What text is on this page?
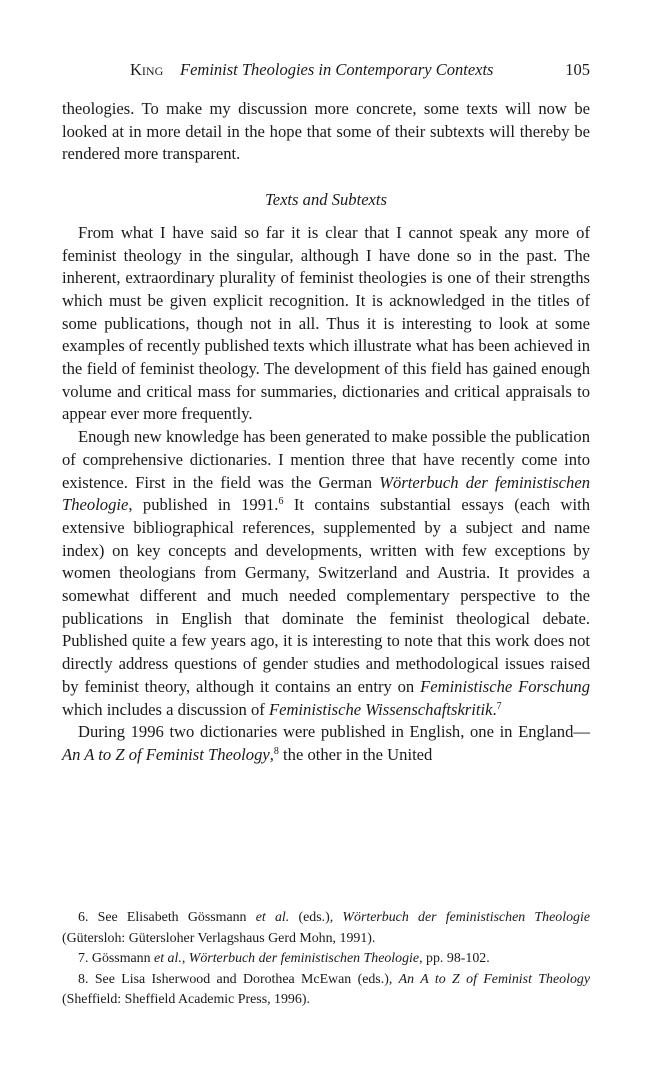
King Feminist Theologies in Contemporary Contexts	105

theologies. To make my discussion more concrete, some texts will now be looked at in more detail in the hope that some of their subtexts will thereby be rendered more transparent.

Texts and Subtexts

From what I have said so far it is clear that I cannot speak any more of feminist theology in the singular, although I have done so in the past. The inherent, extraordinary plurality of feminist theologies is one of their strengths which must be given explicit recognition. It is acknowledged in the titles of some publications, though not in all. Thus it is interesting to look at some examples of recently published texts which illustrate what has been achieved in the field of feminist theology. The development of this field has gained enough volume and critical mass for summaries, dictionaries and critical appraisals to appear ever more frequently.

Enough new knowledge has been generated to make possible the publication of comprehensive dictionaries. I mention three that have recently come into existence. First in the field was the German Wörterbuch der feministischen Theologie, published in 1991.$^6$ It contains substantial essays (each with extensive bibliographical references, supplemented by a subject and name index) on key concepts and developments, written with few exceptions by women theologians from Germany, Switzerland and Austria. It provides a somewhat different and much needed complementary perspective to the publications in English that dominate the feminist theological debate. Published quite a few years ago, it is interesting to note that this work does not directly address questions of gender studies and methodological issues raised by feminist theory, although it contains an entry on Feministische Forschung which includes a discussion of Feministische Wissenschaftskritik.$^7$

During 1996 two dictionaries were published in English, one in England—An A to Z of Feminist Theology,$^8$ the other in the United

6. See Elisabeth Gössmann et al. (eds.), Wörterbuch der feministischen Theologie (Gütersloh: Gütersloher Verlagshaus Gerd Mohn, 1991).

7. Gössmann et al., Wörterbuch der feministischen Theologie, pp. 98-102.

8. See Lisa Isherwood and Dorothea McEwan (eds.), An A to Z of Feminist Theology (Sheffield: Sheffield Academic Press, 1996).
